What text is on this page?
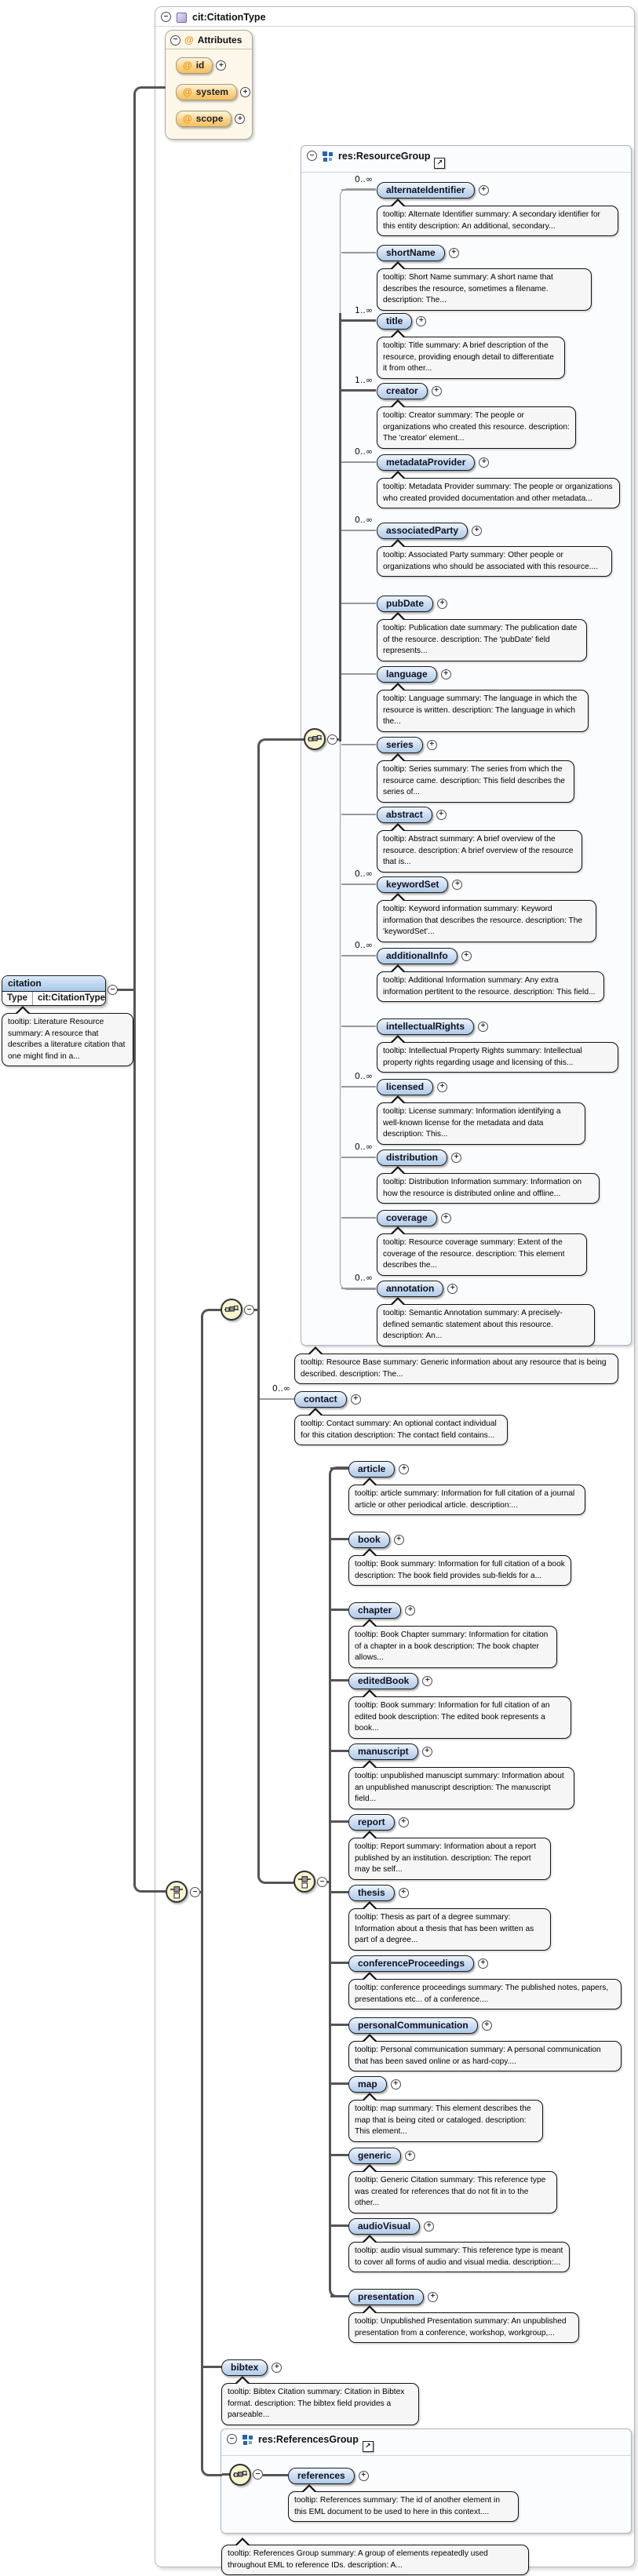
− cit:CitationType
− @ Attributes
@ id	+
@ system	+
@ scope	+
− res:ResourceGroup
↗
− res:ReferencesGroup
↗
−
−
−
−
−
citation
Type	cit:CitationType
−
tooltip: Literature Resource summary: A resource that describes a literature citation that one might find in a...
tooltip: Resource Base summary: Generic information about any resource that is being described. description: The...
tooltip: References Group summary: A group of elements repeatedly used throughout EML to reference IDs. description: A...
0..∞
alternateIdentifier	+
tooltip: Alternate Identifier summary: A secondary identifier for this entity description: An additional, secondary...
shortName	+
tooltip: Short Name summary: A short name that describes the resource, sometimes a filename. description: The...
1..∞
title	+
tooltip: Title summary: A brief description of the resource, providing enough detail to differentiate it from other...
1..∞
creator	+
tooltip: Creator summary: The people or organizations who created this resource. description: The 'creator' element...
0..∞
metadataProvider	+
tooltip: Metadata Provider summary: The people or organizations who created provided documentation and other metadata...
0..∞
associatedParty	+
tooltip: Associated Party summary: Other people or organizations who should be associated with this resource....
pubDate	+
tooltip: Publication date summary: The publication date of the resource. description: The 'pubDate' field represents...
language	+
tooltip: Language summary: The language in which the resource is written. description: The language in which the...
series	+
tooltip: Series summary: The series from which the resource came. description: This field describes the series of...
abstract	+
tooltip: Abstract summary: A brief overview of the resource. description: A brief overview of the resource that is...
0..∞
keywordSet	+
tooltip: Keyword information summary: Keyword information that describes the resource. description: The 'keywordSet'...
0..∞
additionalInfo	+
tooltip: Additional Information summary: Any extra information pertitent to the resource. description: This field...
intellectualRights	+
tooltip: Intellectual Property Rights summary: Intellectual property rights regarding usage and licensing of this...
0..∞
licensed	+
tooltip: License summary: Information identifying a well-known license for the metadata and data description: This...
0..∞
distribution	+
tooltip: Distribution Information summary: Information on how the resource is distributed online and offline...
coverage	+
tooltip: Resource coverage summary: Extent of the coverage of the resource. description: This element describes the...
0..∞
annotation	+
tooltip: Semantic Annotation summary: A precisely-defined semantic statement about this resource. description: An...
article	+
tooltip: article summary: Information for full citation of a journal article or other periodical article. description:...
book	+
tooltip: Book summary: Information for full citation of a book description: The book field provides sub-fields for a...
chapter	+
tooltip: Book Chapter summary: Information for citation of a chapter in a book description: The book chapter allows...
editedBook	+
tooltip: Book summary: Information for full citation of an edited book description: The edited book represents a book...
manuscript	+
tooltip: unpublished manuscipt summary: Information about an unpublished manuscript description: The manuscript field...
report	+
tooltip: Report summary: Information about a report published by an institution. description: The report may be self...
thesis	+
tooltip: Thesis as part of a degree summary: Information about a thesis that has been written as part of a degree...
conferenceProceedings	+
tooltip: conference proceedings summary: The published notes, papers, presentations etc... of a conference....
personalCommunication	+
tooltip: Personal communication summary: A personal communication that has been saved online or as hard-copy....
map	+
tooltip: map summary: This element describes the map that is being cited or cataloged. description: This element...
generic	+
tooltip: Generic Citation summary: This reference type was created for references that do not fit in to the other...
audioVisual	+
tooltip: audio visual summary: This reference type is meant to cover all forms of audio and visual media. description:...
presentation	+
tooltip: Unpublished Presentation summary: An unpublished presentation from a conference, workshop, workgroup,...
0..∞
contact	+
tooltip: Contact summary: An optional contact individual for this citation description: The contact field contains...
bibtex	+
tooltip: Bibtex Citation summary: Citation in Bibtex format. description: The bibtex field provides a parseable...
references	+
tooltip: References summary: The id of another element in this EML document to be used to here in this context....
